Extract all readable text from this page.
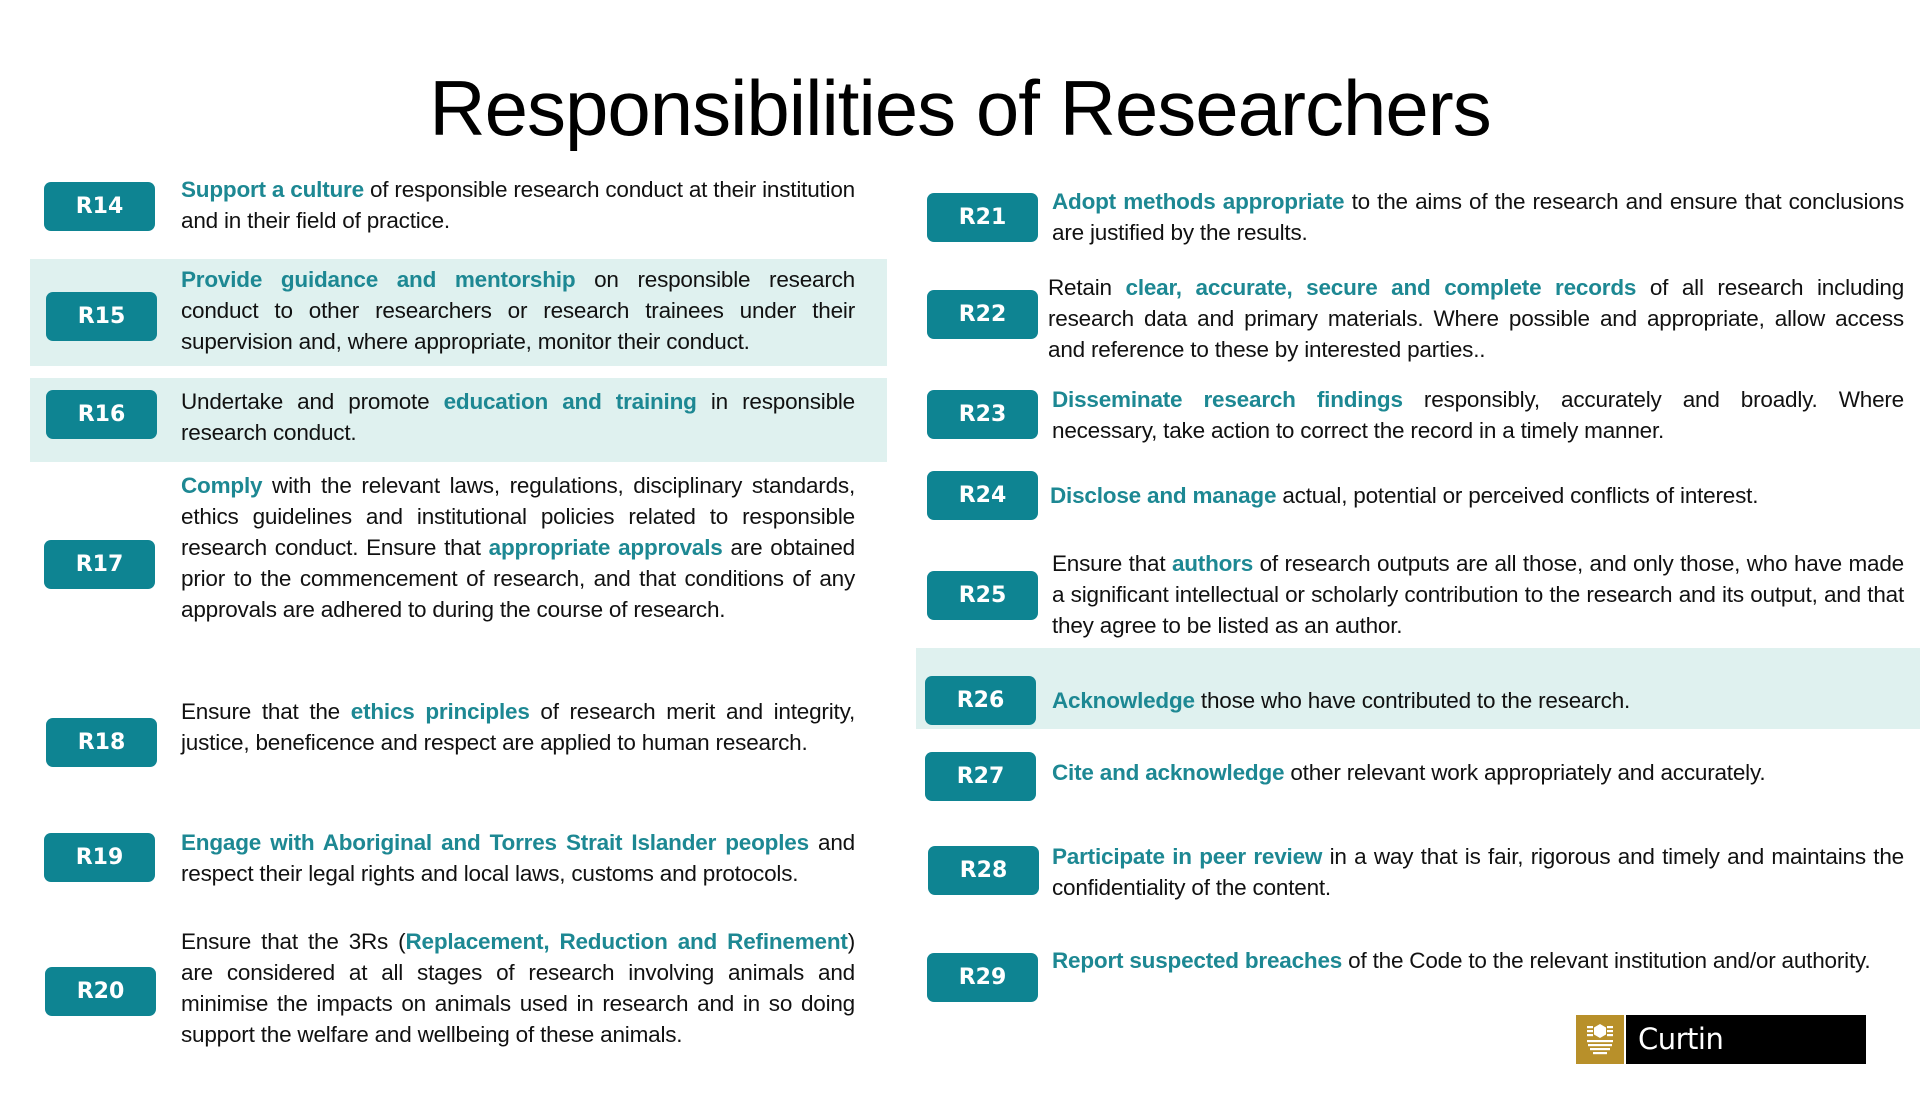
Responsibilities of Researchers
R14
Support a culture of responsible research conduct at their institution and in their field of practice.
R15
Provide guidance and mentorship on responsible research conduct to other researchers or research trainees under their supervision and, where appropriate, monitor their conduct.
R16
Undertake and promote education and training in responsible research conduct.
R17
Comply with the relevant laws, regulations, disciplinary standards, ethics guidelines and institutional policies related to responsible research conduct. Ensure that appropriate approvals are obtained prior to the commencement of research, and that conditions of any approvals are adhered to during the course of research.
R18
Ensure that the ethics principles of research merit and integrity, justice, beneficence and respect are applied to human research.
R19
Engage with Aboriginal and Torres Strait Islander peoples and respect their legal rights and local laws, customs and protocols.
R20
Ensure that the 3Rs (Replacement, Reduction and Refinement) are considered at all stages of research involving animals and minimise the impacts on animals used in research and in so doing support the welfare and wellbeing of these animals.
R21
Adopt methods appropriate to the aims of the research and ensure that conclusions are justified by the results.
R22
Retain clear, accurate, secure and complete records of all research including research data and primary materials. Where possible and appropriate, allow access and reference to these by interested parties..
R23
Disseminate research findings responsibly, accurately and broadly. Where necessary, take action to correct the record in a timely manner.
R24	Disclose and manage actual, potential or perceived conflicts of interest.
R25
Ensure that authors of research outputs are all those, and only those, who have made a significant intellectual or scholarly contribution to the research and its output, and that they agree to be listed as an author.
R26	Acknowledge those who have contributed to the research.
R27	Cite and acknowledge other relevant work appropriately and accurately.
R28
Participate in peer review in a way that is fair, rigorous and timely and maintains the confidentiality of the content.
R29
Report suspected breaches of the Code to the relevant institution and/or authority.
Curtin University
